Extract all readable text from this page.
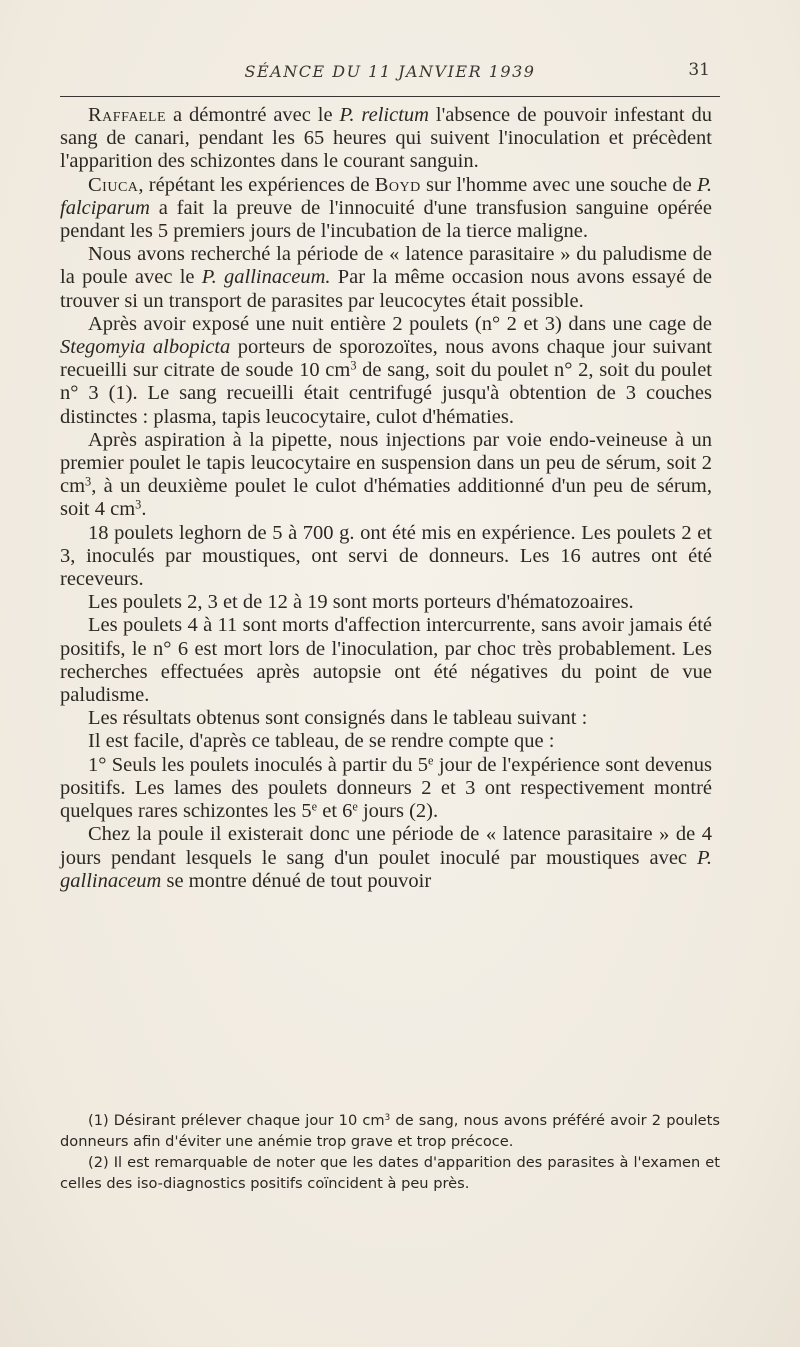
SÉANCE DU 11 JANVIER 1939	31

Raffaele a démontré avec le P. relictum l'absence de pouvoir infestant du sang de canari, pendant les 65 heures qui suivent l'inoculation et précèdent l'apparition des schizontes dans le courant sanguin.

Ciuca, répétant les expériences de Boyd sur l'homme avec une souche de P. falciparum a fait la preuve de l'innocuité d'une transfusion sanguine opérée pendant les 5 premiers jours de l'incubation de la tierce maligne.

Nous avons recherché la période de « latence parasitaire » du paludisme de la poule avec le P. gallinaceum. Par la même occasion nous avons essayé de trouver si un transport de parasites par leucocytes était possible.

Après avoir exposé une nuit entière 2 poulets (n° 2 et 3) dans une cage de Stegomyia albopicta porteurs de sporozoïtes, nous avons chaque jour suivant recueilli sur citrate de soude 10 $cm^3$ de sang, soit du poulet n° 2, soit du poulet n° 3 (1). Le sang recueilli était centrifugé jusqu'à obtention de 3 couches distinctes : plasma, tapis leucocytaire, culot d'hématies.

Après aspiration à la pipette, nous injections par voie endo-veineuse à un premier poulet le tapis leucocytaire en suspension dans un peu de sérum, soit 2 $cm^3$, à un deuxième poulet le culot d'hématies additionné d'un peu de sérum, soit 4 $cm^3$.

18 poulets leghorn de 5 à 700 g. ont été mis en expérience. Les poulets 2 et 3, inoculés par moustiques, ont servi de donneurs. Les 16 autres ont été receveurs.

Les poulets 2, 3 et de 12 à 19 sont morts porteurs d'hématozoaires.

Les poulets 4 à 11 sont morts d'affection intercurrente, sans avoir jamais été positifs, le n° 6 est mort lors de l'inoculation, par choc très probablement. Les recherches effectuées après autopsie ont été négatives du point de vue paludisme.

Les résultats obtenus sont consignés dans le tableau suivant :

Il est facile, d'après ce tableau, de se rendre compte que :

1° Seuls les poulets inoculés à partir du 5e jour de l'expérience sont devenus positifs. Les lames des poulets donneurs 2 et 3 ont respectivement montré quelques rares schizontes les 5e et 6e jours (2).

Chez la poule il existerait donc une période de « latence parasitaire » de 4 jours pendant lesquels le sang d'un poulet inoculé par moustiques avec P. gallinaceum se montre dénué de tout pouvoir

(1) Désirant prélever chaque jour 10 $cm^3$ de sang, nous avons préféré avoir 2 poulets donneurs afin d'éviter une anémie trop grave et trop précoce.

(2) Il est remarquable de noter que les dates d'apparition des parasites à l'examen et celles des iso-diagnostics positifs coïncident à peu près.
